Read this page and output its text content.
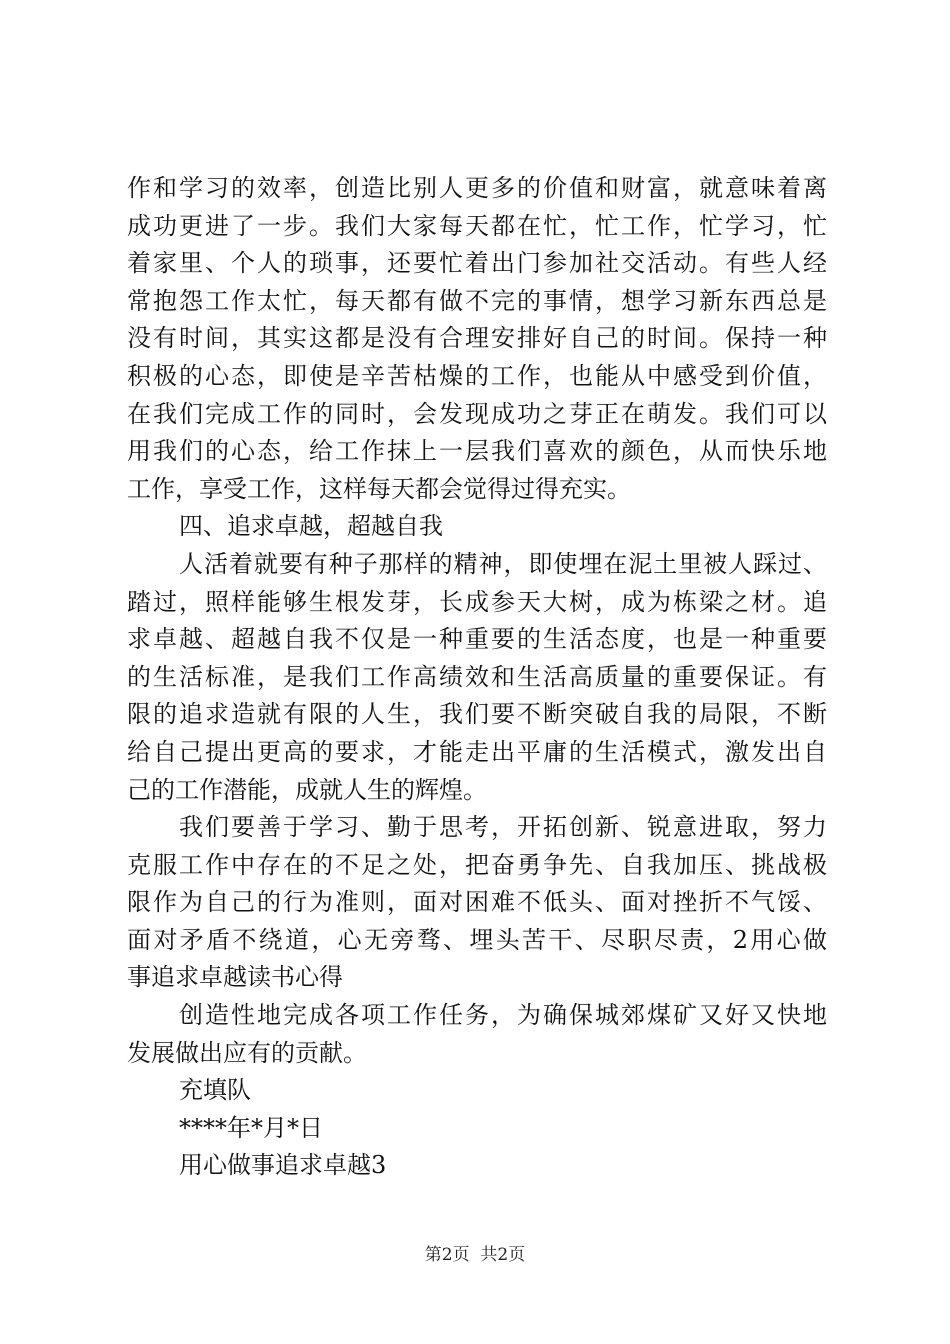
作和学习的效率，创造比别人更多的价值和财富，就意味着离
成功更进了一步。我们大家每天都在忙，忙工作，忙学习，忙
着家里、个人的琐事，还要忙着出门参加社交活动。有些人经
常抱怨工作太忙，每天都有做不完的事情，想学习新东西总是
没有时间，其实这都是没有合理安排好自己的时间。保持一种
积极的心态，即使是辛苦枯燥的工作，也能从中感受到价值，
在我们完成工作的同时，会发现成功之芽正在萌发。我们可以
用我们的心态，给工作抹上一层我们喜欢的颜色，从而快乐地
工作，享受工作，这样每天都会觉得过得充实。
四、追求卓越，超越自我
人活着就要有种子那样的精神，即使埋在泥土里被人踩过、
踏过，照样能够生根发芽，长成参天大树，成为栋梁之材。追
求卓越、超越自我不仅是一种重要的生活态度，也是一种重要
的生活标准，是我们工作高绩效和生活高质量的重要保证。有
限的追求造就有限的人生，我们要不断突破自我的局限，不断
给自己提出更高的要求，才能走出平庸的生活模式，激发出自
己的工作潜能，成就人生的辉煌。
我们要善于学习、勤于思考，开拓创新、锐意进取，努力
克服工作中存在的不足之处，把奋勇争先、自我加压、挑战极
限作为自己的行为准则，面对困难不低头、面对挫折不气馁、
面对矛盾不绕道，心无旁骛、埋头苦干、尽职尽责，2用心做
事追求卓越读书心得
创造性地完成各项工作任务，为确保城郊煤矿又好又快地
发展做出应有的贡献。
充填队
****年*月*日
用心做事追求卓越3
第2页  共2页
